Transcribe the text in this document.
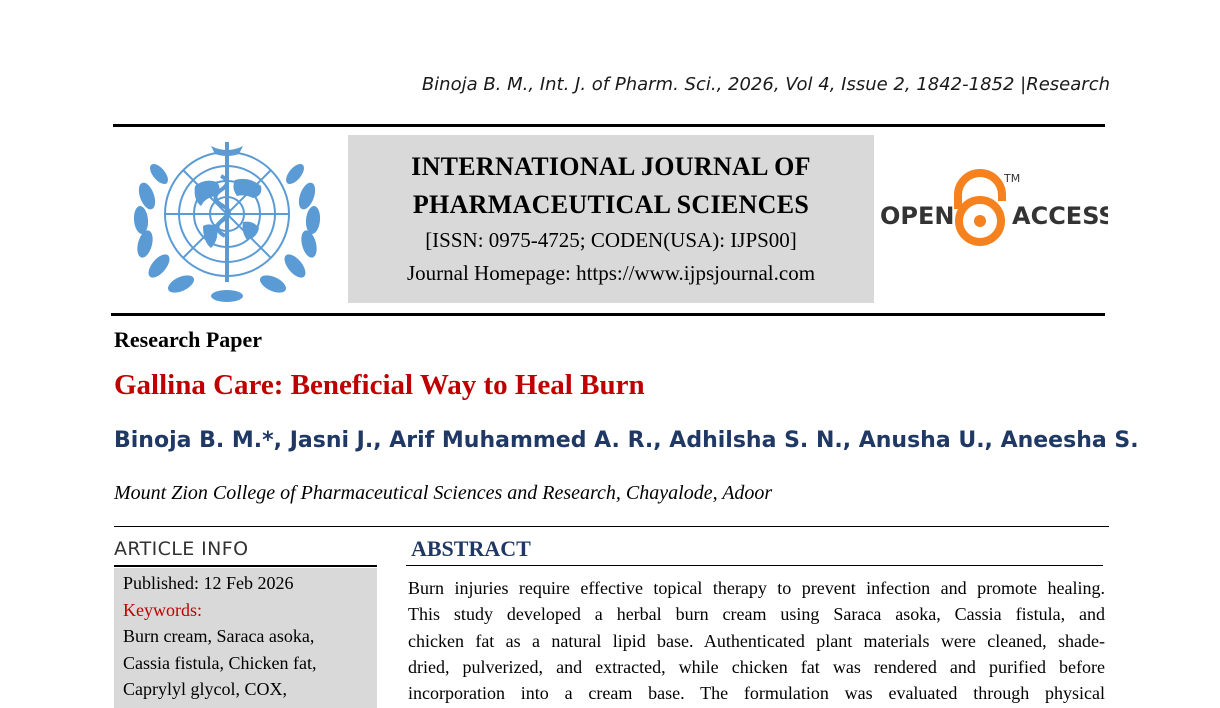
Binoja B. M., Int. J. of Pharm. Sci., 2026, Vol 4, Issue 2, 1842-1852 |Research
INTERNATIONAL JOURNAL OF
PHARMACEUTICAL SCIENCES
[ISSN: 0975-4725; CODEN(USA): IJPS00]
Journal Homepage: https://www.ijpsjournal.com
OPEN ACCESS
TM
Research Paper
Gallina Care: Beneficial Way to Heal Burn
Binoja B. M.*, Jasni J., Arif Muhammed A. R., Adhilsha S. N., Anusha U., Aneesha S.
Mount Zion College of Pharmaceutical Sciences and Research, Chayalode, Adoor
ARTICLE INFO
Published: 12 Feb 2026
Keywords:
Burn cream, Saraca asoka,
Cassia fistula, Chicken fat,
Caprylyl glycol, COX,
ABSTRACT
Burn injuries require effective topical therapy to prevent infection and promote healing.
This study developed a herbal burn cream using Saraca asoka, Cassia fistula, and
chicken fat as a natural lipid base. Authenticated plant materials were cleaned, shade-
dried, pulverized, and extracted, while chicken fat was rendered and purified before
incorporation into a cream base. The formulation was evaluated through physical
